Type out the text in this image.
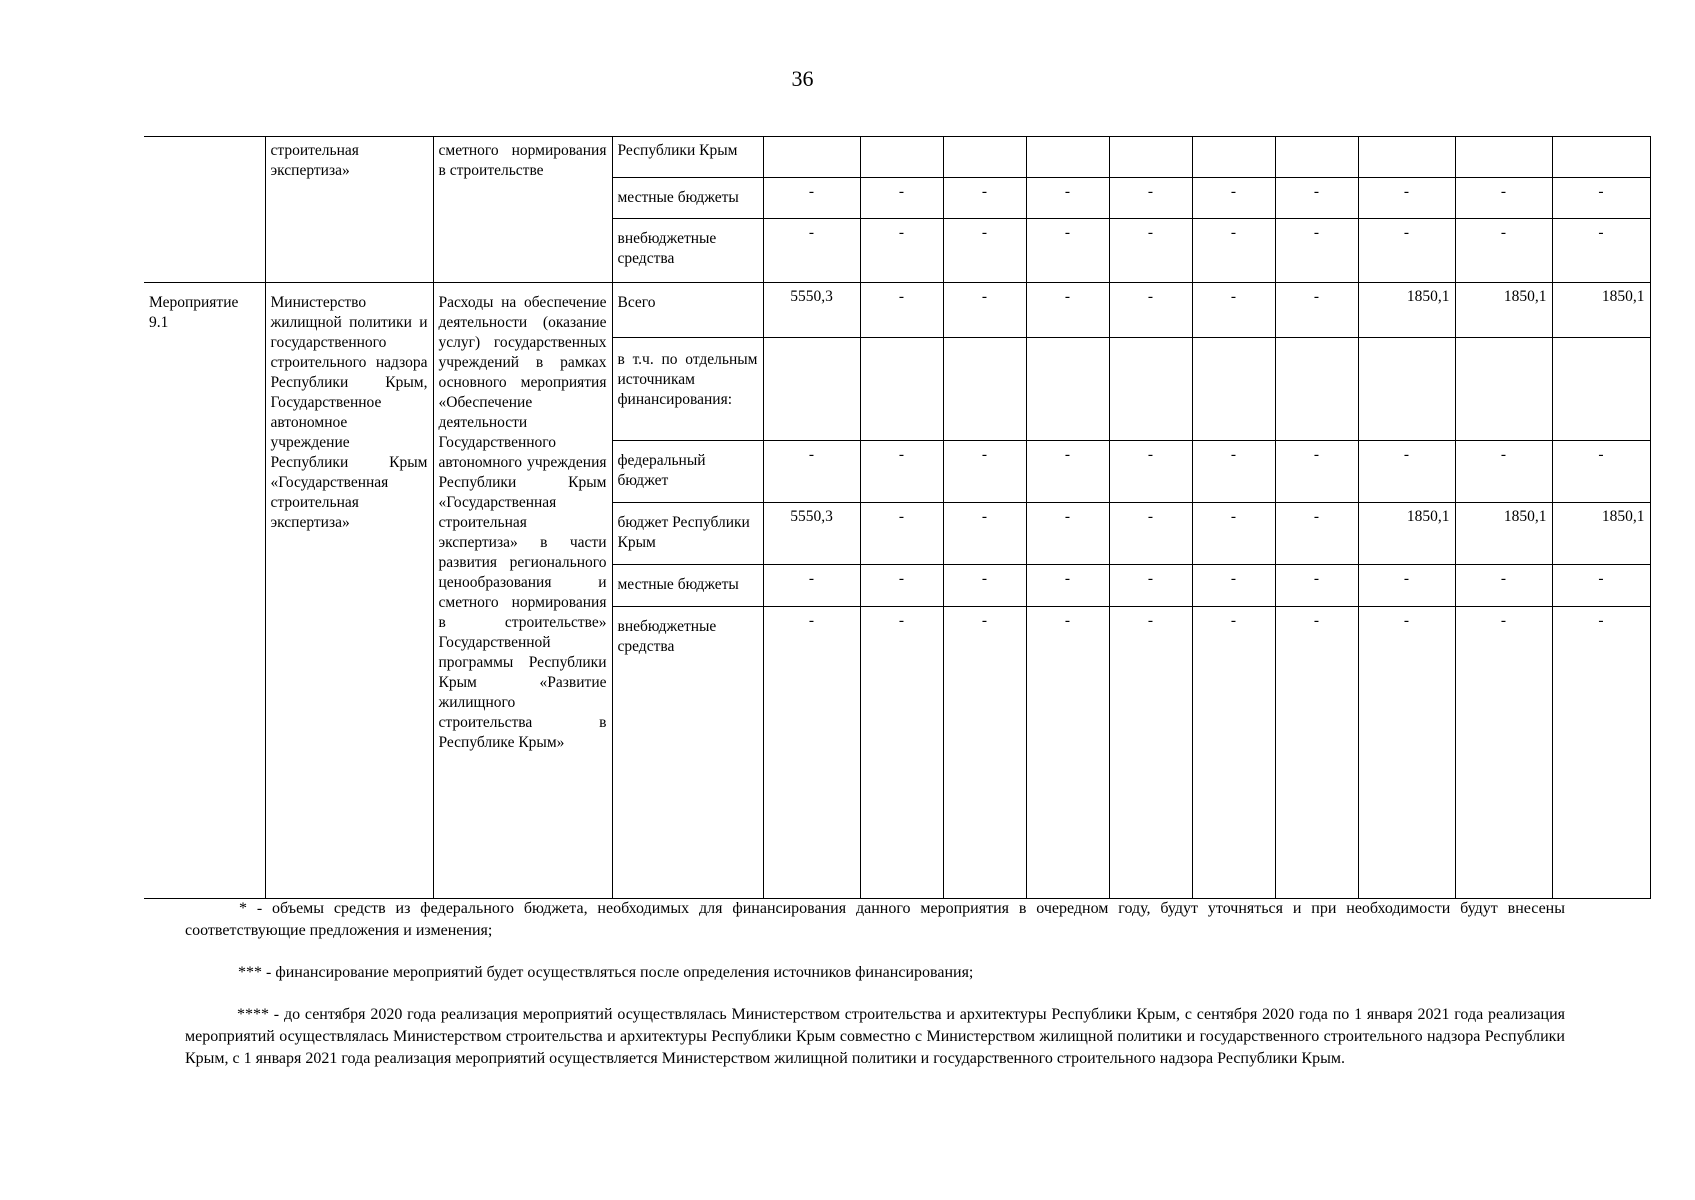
36
	строительная экспертиза»	сметного нормирования в строительстве	Республики Крым										
			местные бюджеты	-	-	-	-	-	-	-	-	-	-
			внебюджетные средства	-	-	-	-	-	-	-	-	-	-
Мероприятие 9.1	Министерство жилищной политики и государственного строительного надзора Республики Крым, Государственное автономное учреждение Республики Крым «Государственная строительная экспертиза»	Расходы на обеспечение деятельности (оказание услуг) государственных учреждений в рамках основного мероприятия «Обеспечение деятельности Государственного автономного учреждения Республики Крым «Государственная строительная экспертиза» в части развития регионального ценообразования и сметного нормирования в строительстве» Государственной программы Республики Крым «Развитие жилищного строительства в Республике Крым»	Всего	5550,3	-	-	-	-	-	-	1850,1	1850,1	1850,1
			в т.ч. по отдельным источникам финансирования:										
			федеральный бюджет	-	-	-	-	-	-	-	-	-	-
			бюджет Республики Крым	5550,3	-	-	-	-	-	-	1850,1	1850,1	1850,1
			местные бюджеты	-	-	-	-	-	-	-	-	-	-
			внебюджетные средства	-	-	-	-	-	-	-	-	-	-
* - объемы средств из федерального бюджета, необходимых для финансирования данного мероприятия в очередном году, будут уточняться и при необходимости будут внесены соответствующие предложения и изменения;
*** - финансирование мероприятий будет осуществляться после определения источников финансирования;
**** - до сентября 2020 года реализация мероприятий осуществлялась Министерством строительства и архитектуры Республики Крым, с сентября 2020 года по 1 января 2021 года реализация мероприятий осуществлялась Министерством строительства и архитектуры Республики Крым совместно с Министерством жилищной политики и государственного строительного надзора Республики Крым, с 1 января 2021 года реализация мероприятий осуществляется Министерством жилищной политики и государственного строительного надзора Республики Крым.
